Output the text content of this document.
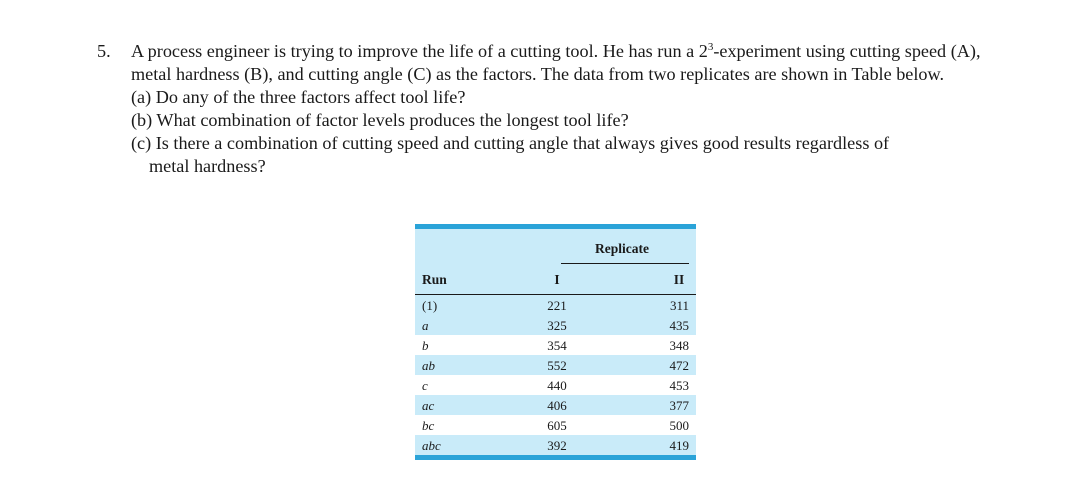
5. A process engineer is trying to improve the life of a cutting tool. He has run a $2^3$-experiment using cutting speed (A), metal hardness (B), and cutting angle (C) as the factors. The data from two replicates are shown in Table below.
(a) Do any of the three factors affect tool life?
(b) What combination of factor levels produces the longest tool life?
(c) Is there a combination of cutting speed and cutting angle that always gives good results regardless of
metal hardness?
Replicate
Run	I	II
(1)	221	311
a	325	435
b	354	348
ab	552	472
c	440	453
ac	406	377
bc	605	500
abc	392	419
